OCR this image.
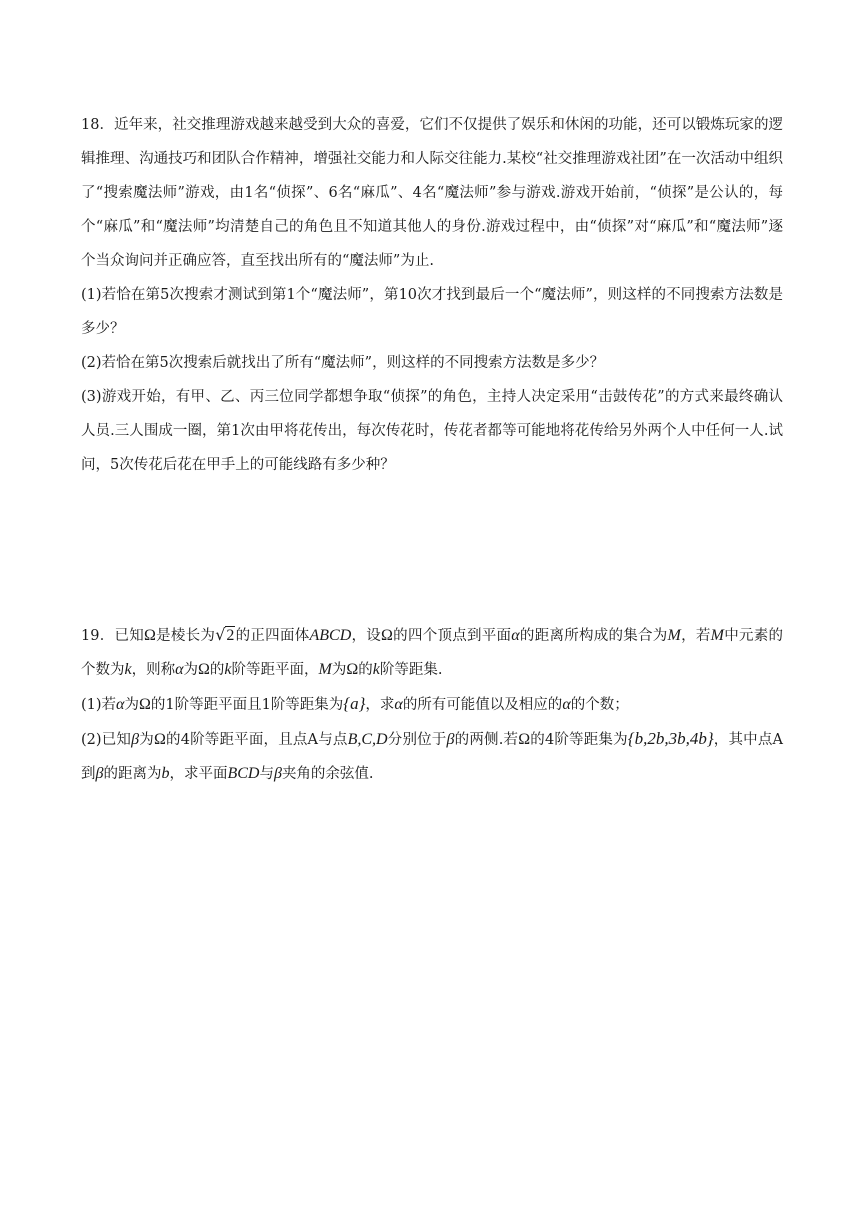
18．近年来，社交推理游戏越来越受到大众的喜爱，它们不仅提供了娱乐和休闲的功能，还可以锻炼玩家的逻辑推理、沟通技巧和团队合作精神，增强社交能力和人际交往能力.某校“社交推理游戏社团”在一次活动中组织了“搜索魔法师”游戏，由1名“侦探”、6名“麻瓜”、4名“魔法师”参与游戏.游戏开始前，“侦探”是公认的，每个“麻瓜”和“魔法师”均清楚自己的角色且不知道其他人的身份.游戏过程中，由“侦探”对“麻瓜”和“魔法师”逐个当众询问并正确应答，直至找出所有的“魔法师”为止.

(1)若恰在第5次搜索才测试到第1个“魔法师”，第10次才找到最后一个“魔法师”，则这样的不同搜索方法数是多少？

(2)若恰在第5次搜索后就找出了所有“魔法师”，则这样的不同搜索方法数是多少？

(3)游戏开始，有甲、乙、丙三位同学都想争取“侦探”的角色，主持人决定采用“击鼓传花”的方式来最终确认人员.三人围成一圈，第1次由甲将花传出，每次传花时，传花者都等可能地将花传给另外两个人中任何一人.试问，5次传花后花在甲手上的可能线路有多少种？

19．已知Ω是棱长为√2的正四面体ABCD，设Ω的四个顶点到平面α的距离所构成的集合为M，若M中元素的个数为k，则称α为Ω的k阶等距平面，M为Ω的k阶等距集.

(1)若α为Ω的1阶等距平面且1阶等距集为{a}，求α的所有可能值以及相应的α的个数；

(2)已知β为Ω的4阶等距平面，且点A与点B,C,D分别位于β的两侧.若Ω的4阶等距集为{b,2b,3b,4b}，其中点A到β的距离为b，求平面BCD与β夹角的余弦值.
